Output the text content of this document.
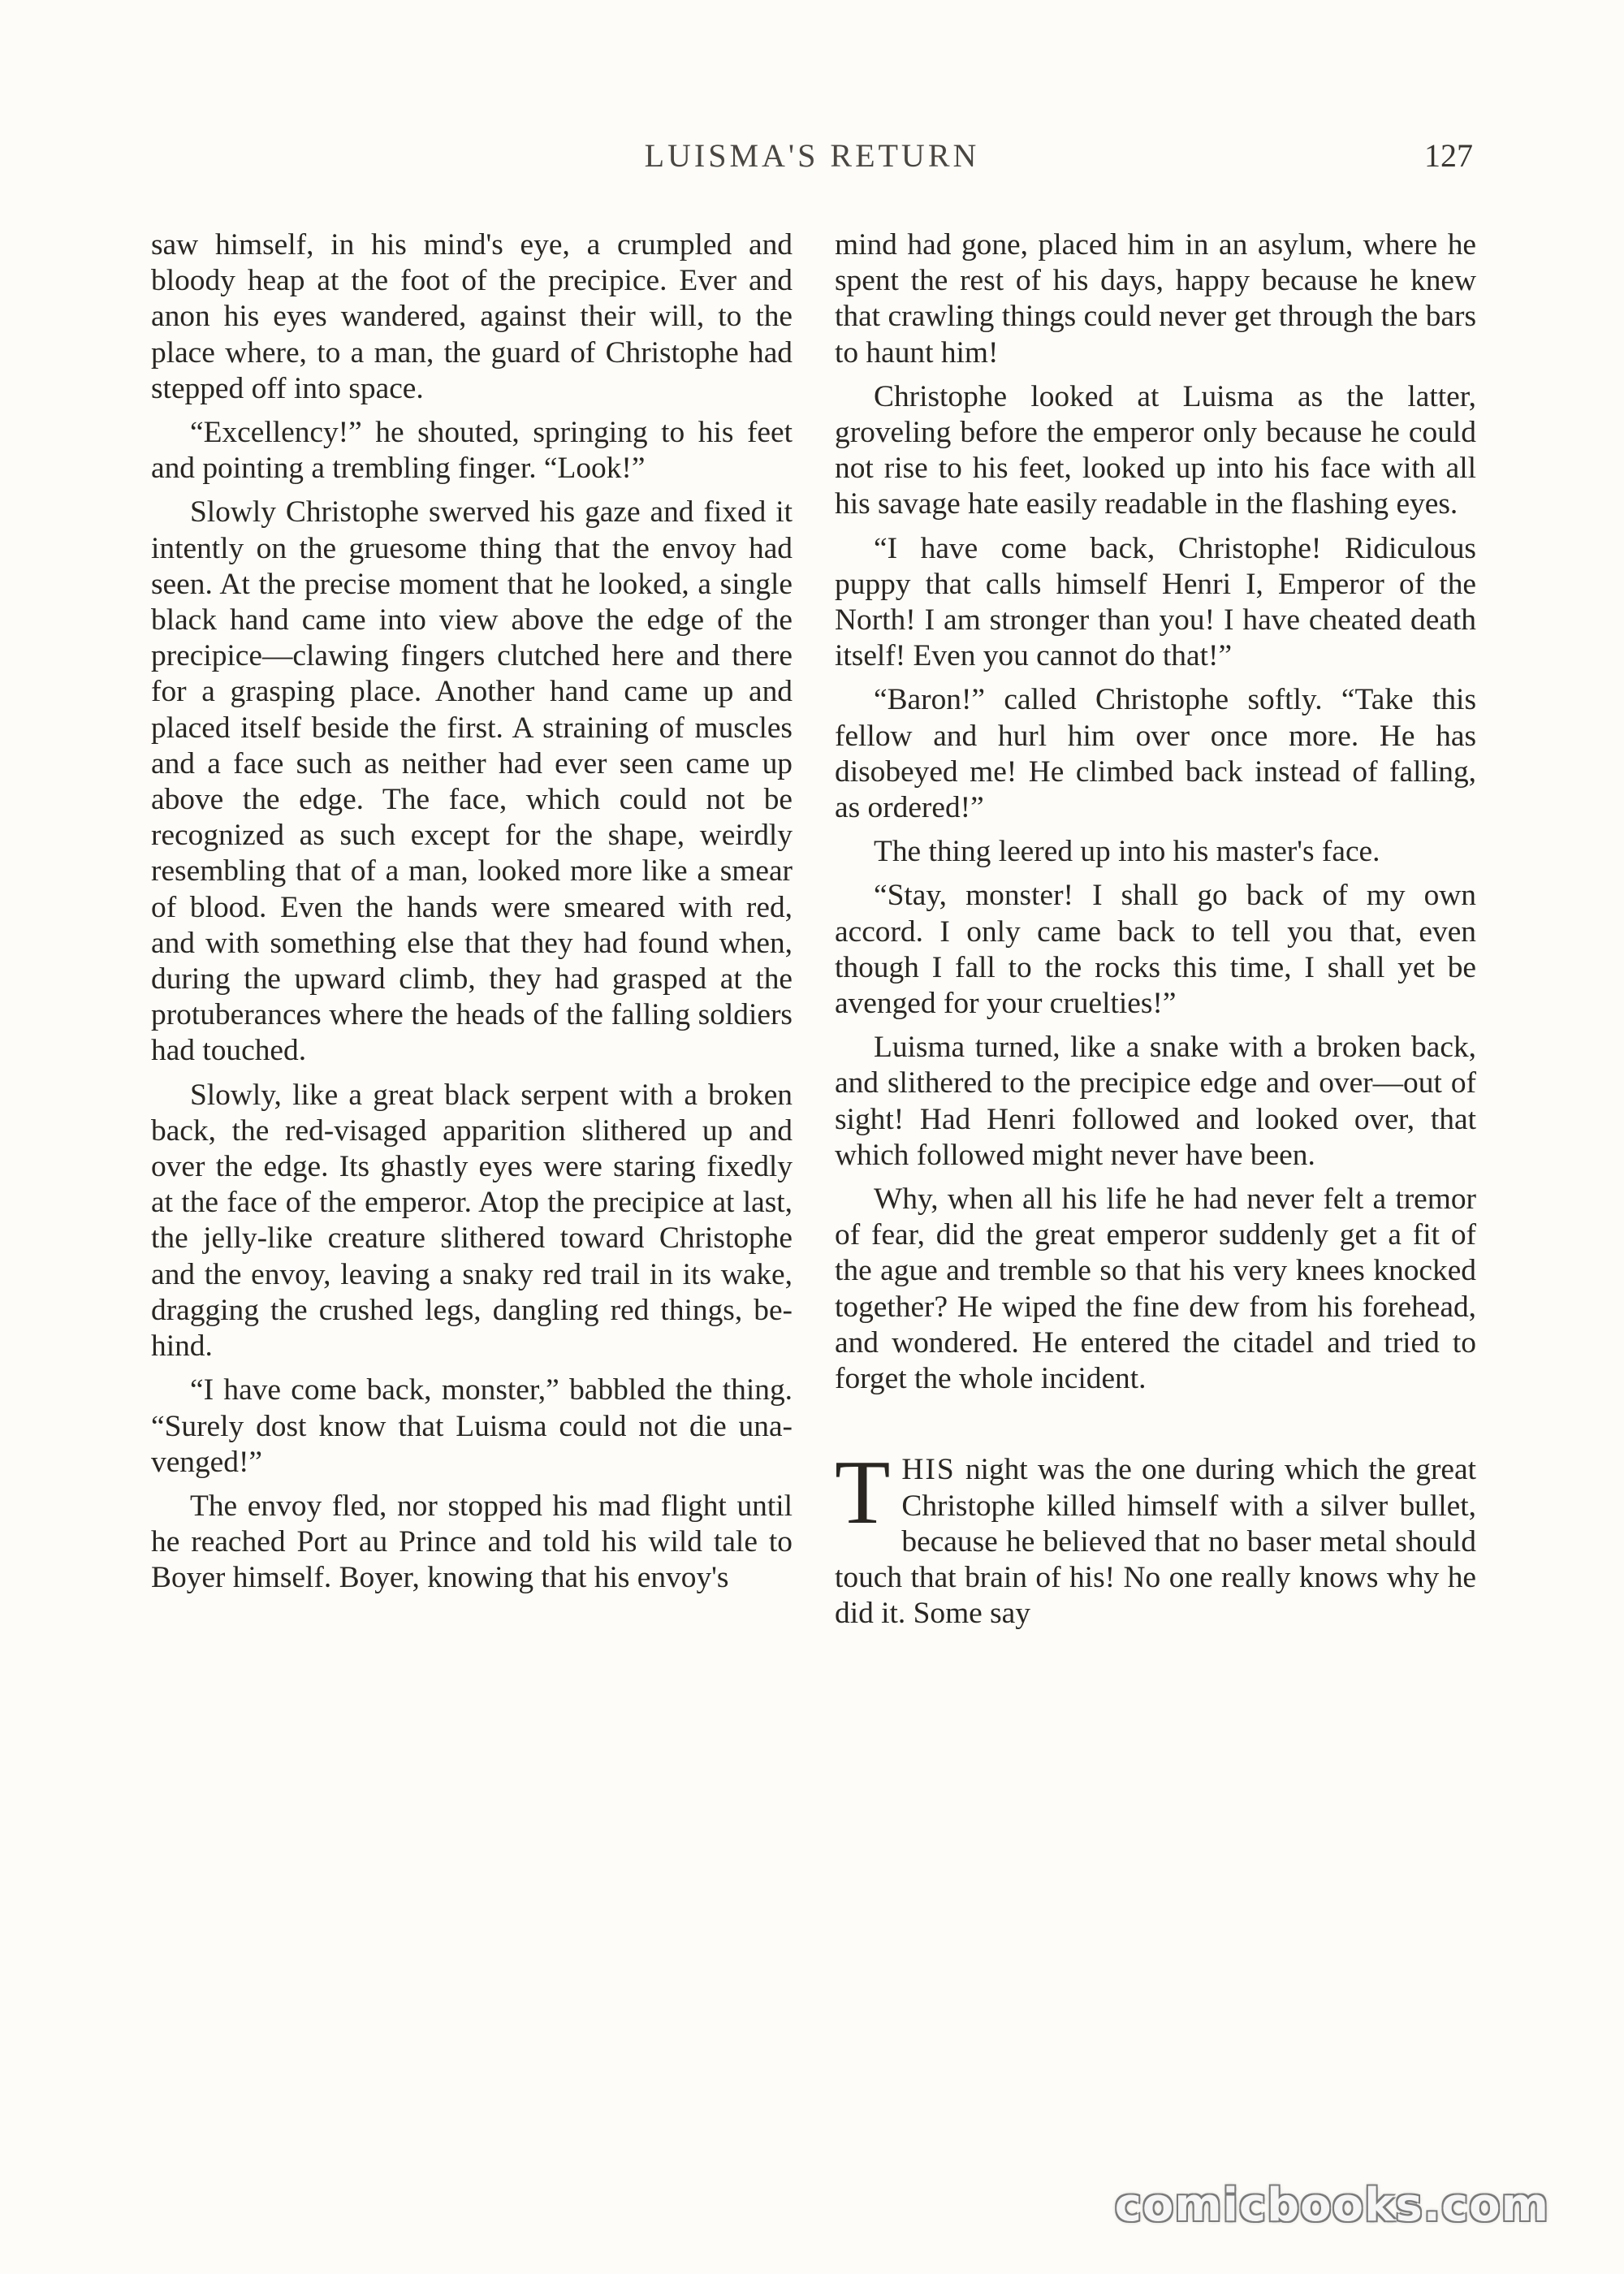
LUISMA'S RETURN	127

saw himself, in his mind's eye, a crumpled and bloody heap at the foot of the precipice. Ever and anon his eyes wandered, against their will, to the place where, to a man, the guard of Christophe had stepped off into space.

“Excellency!” he shouted, springing to his feet and pointing a trembling finger. “Look!”

Slowly Christophe swerved his gaze and fixed it intently on the gruesome thing that the envoy had seen. At the precise moment that he looked, a single black hand came into view above the edge of the precipice—clawing fingers clutched here and there for a grasping place. Another hand came up and placed itself beside the first. A straining of muscles and a face such as neither had ever seen came up above the edge. The face, which could not be recognized as such except for the shape, weirdly resembling that of a man, looked more like a smear of blood. Even the hands were smeared with red, and with something else that they had found when, during the upward climb, they had grasped at the protuberances where the heads of the falling soldiers had touched.

Slowly, like a great black serpent with a broken back, the red-visaged apparition slithered up and over the edge. Its ghastly eyes were staring fixedly at the face of the emperor. Atop the precipice at last, the jelly-like creature slithered toward Christophe and the envoy, leaving a snaky red trail in its wake, dragging the crushed legs, dangling red things, behind.

“I have come back, monster,” babbled the thing. “Surely dost know that Luisma could not die unavenged!”

The envoy fled, nor stopped his mad flight until he reached Port au Prince and told his wild tale to Boyer himself. Boyer, knowing that his envoy's

mind had gone, placed him in an asylum, where he spent the rest of his days, happy because he knew that crawling things could never get through the bars to haunt him!

Christophe looked at Luisma as the latter, groveling before the emperor only because he could not rise to his feet, looked up into his face with all his savage hate easily readable in the flashing eyes.

“I have come back, Christophe! Ridiculous puppy that calls himself Henri I, Emperor of the North! I am stronger than you! I have cheated death itself! Even you cannot do that!”

“Baron!” called Christophe softly. “Take this fellow and hurl him over once more. He has disobeyed me! He climbed back instead of falling, as ordered!”

The thing leered up into his master's face.

“Stay, monster! I shall go back of my own accord. I only came back to tell you that, even though I fall to the rocks this time, I shall yet be avenged for your cruelties!”

Luisma turned, like a snake with a broken back, and slithered to the precipice edge and over—out of sight! Had Henri followed and looked over, that which followed might never have been.

Why, when all his life he had never felt a tremor of fear, did the great emperor suddenly get a fit of the ague and tremble so that his very knees knocked together? He wiped the fine dew from his forehead, and wondered. He entered the citadel and tried to forget the whole incident.

THIS night was the one during which the great Christophe killed himself with a silver bullet, because he believed that no baser metal should touch that brain of his! No one really knows why he did it. Some say

comicbooks.com
